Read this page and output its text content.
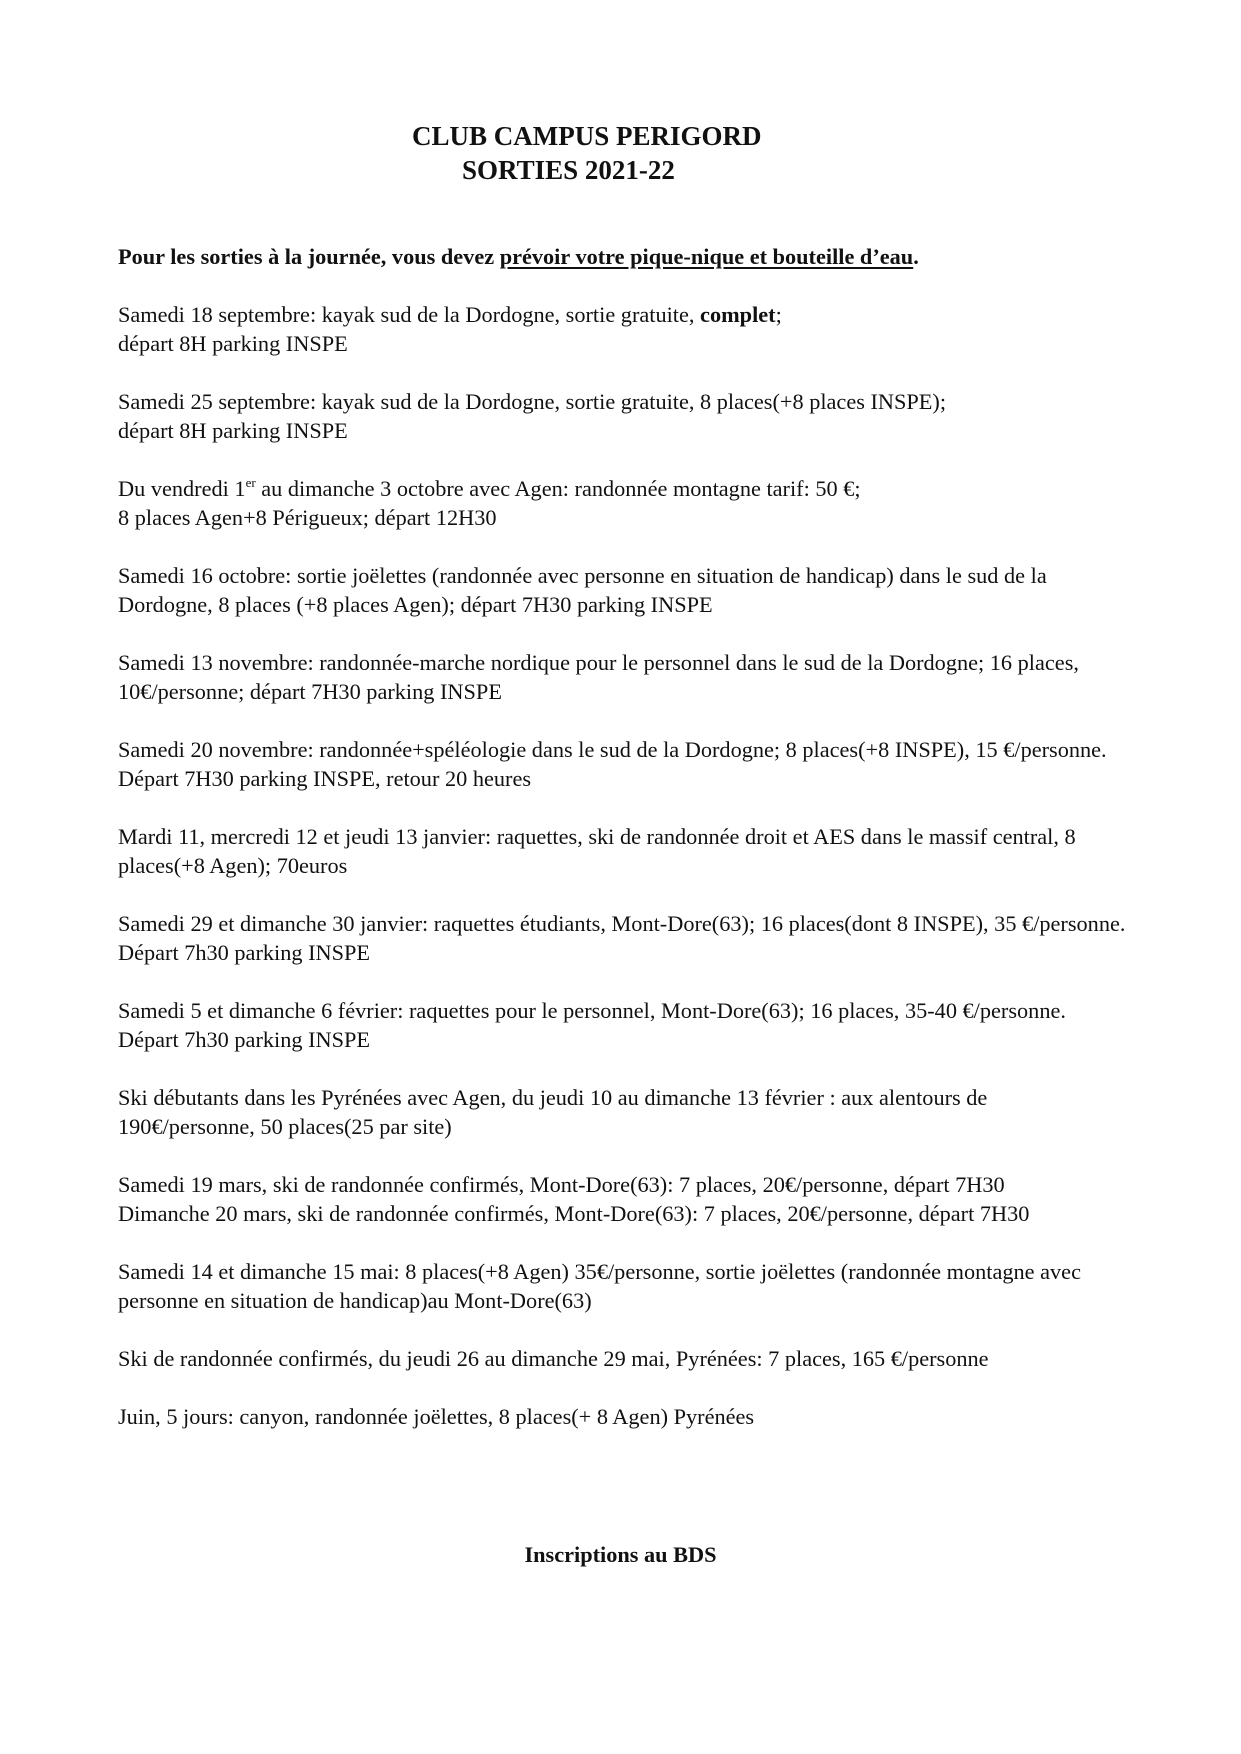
CLUB CAMPUS PERIGORD
SORTIES 2021-22

Pour les sorties à la journée, vous devez prévoir votre pique-nique et bouteille d’eau.

Samedi 18 septembre: kayak sud de la Dordogne, sortie gratuite, complet;
départ 8H parking INSPE

Samedi 25 septembre: kayak sud de la Dordogne, sortie gratuite, 8 places(+8 places INSPE);
départ 8H parking INSPE

Du vendredi 1er au dimanche 3 octobre avec Agen: randonnée montagne tarif: 50 €;
8 places Agen+8 Périgueux; départ 12H30

Samedi 16 octobre: sortie joëlettes (randonnée avec personne en situation de handicap) dans le sud de la Dordogne, 8 places (+8 places Agen); départ 7H30 parking INSPE

Samedi 13 novembre: randonnée-marche nordique pour le personnel dans le sud de la Dordogne; 16 places, 10€/personne; départ 7H30 parking INSPE

Samedi 20 novembre: randonnée+spéléologie dans le sud de la Dordogne; 8 places(+8 INSPE), 15 €/personne. Départ 7H30 parking INSPE, retour 20 heures

Mardi 11, mercredi 12 et jeudi 13 janvier: raquettes, ski de randonnée droit et AES dans le massif central, 8 places(+8 Agen); 70euros

Samedi 29 et dimanche 30 janvier: raquettes étudiants, Mont-Dore(63); 16 places(dont 8 INSPE), 35 €/personne. Départ 7h30 parking INSPE

Samedi 5 et dimanche 6 février: raquettes pour le personnel, Mont-Dore(63); 16 places, 35-40 €/personne. Départ 7h30 parking INSPE

Ski débutants dans les Pyrénées avec Agen, du jeudi 10 au dimanche 13 février : aux alentours de 190€/personne, 50 places(25 par site)

Samedi 19 mars, ski de randonnée confirmés, Mont-Dore(63): 7 places, 20€/personne, départ 7H30
Dimanche 20 mars, ski de randonnée confirmés, Mont-Dore(63): 7 places, 20€/personne, départ 7H30

Samedi 14 et dimanche 15 mai: 8 places(+8 Agen) 35€/personne, sortie joëlettes (randonnée montagne avec personne en situation de handicap)au Mont-Dore(63)

Ski de randonnée confirmés, du jeudi 26 au dimanche 29 mai, Pyrénées: 7 places, 165 €/personne

Juin, 5 jours: canyon, randonnée joëlettes, 8 places(+ 8 Agen) Pyrénées

Inscriptions au BDS
